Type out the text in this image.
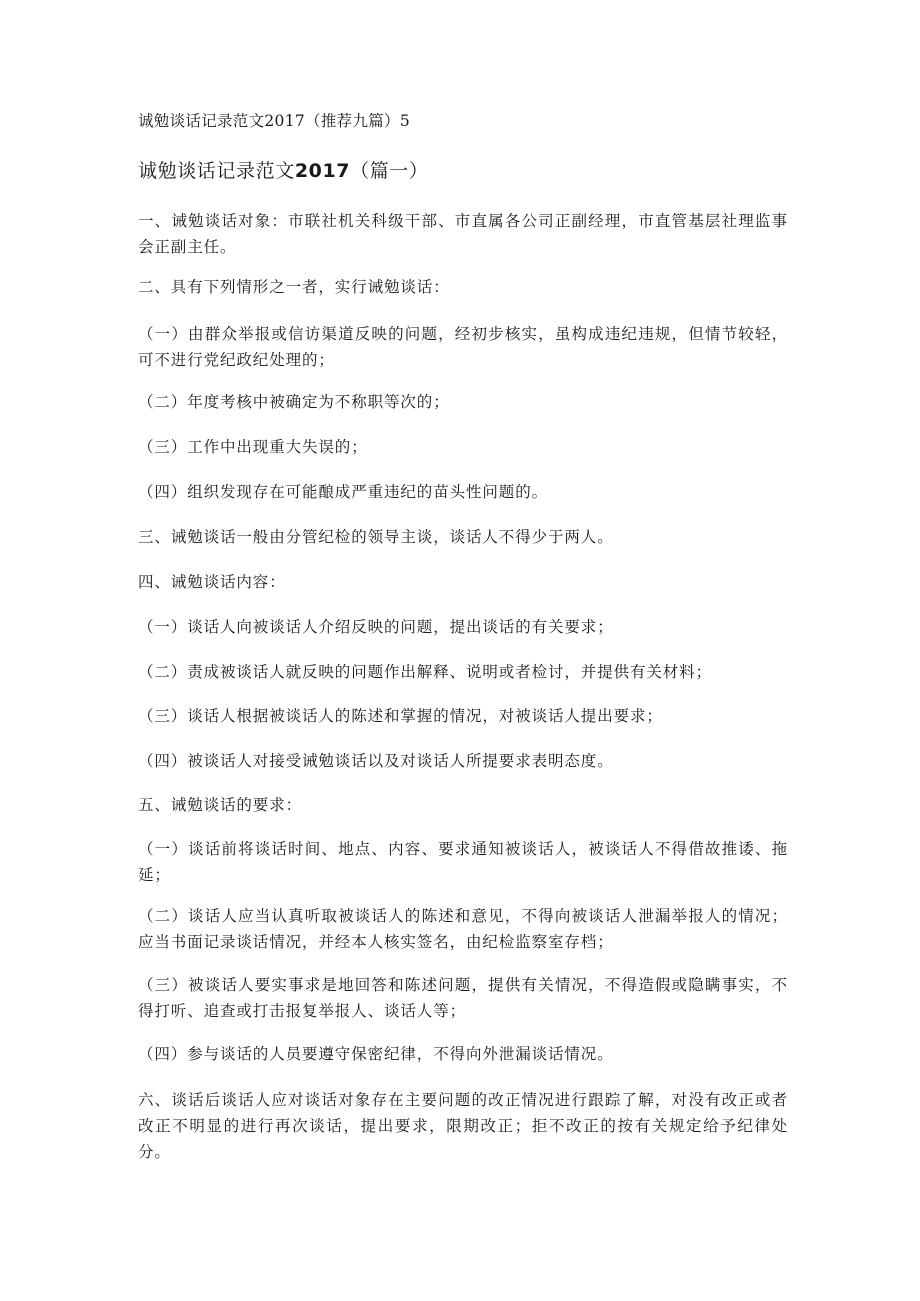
诚勉谈话记录范文2017（推荐九篇）5
诚勉谈话记录范文2017（篇一）
一、诫勉谈话对象：市联社机关科级干部、市直属各公司正副经理，市直管基层社理监事会正副主任。
二、具有下列情形之一者，实行诫勉谈话：
（一）由群众举报或信访渠道反映的问题，经初步核实，虽构成违纪违规，但情节较轻，可不进行党纪政纪处理的；
（二）年度考核中被确定为不称职等次的；
（三）工作中出现重大失误的；
（四）组织发现存在可能酿成严重违纪的苗头性问题的。
三、诫勉谈话一般由分管纪检的领导主谈，谈话人不得少于两人。
四、诫勉谈话内容：
（一）谈话人向被谈话人介绍反映的问题，提出谈话的有关要求；
（二）责成被谈话人就反映的问题作出解释、说明或者检讨，并提供有关材料；
（三）谈话人根据被谈话人的陈述和掌握的情况，对被谈话人提出要求；
（四）被谈话人对接受诫勉谈话以及对谈话人所提要求表明态度。
五、诫勉谈话的要求：
（一）谈话前将谈话时间、地点、内容、要求通知被谈话人，被谈话人不得借故推诿、拖延；
（二）谈话人应当认真听取被谈话人的陈述和意见，不得向被谈话人泄漏举报人的情况；应当书面记录谈话情况，并经本人核实签名，由纪检监察室存档；
（三）被谈话人要实事求是地回答和陈述问题，提供有关情况，不得造假或隐瞒事实，不得打听、追查或打击报复举报人、谈话人等；
（四）参与谈话的人员要遵守保密纪律，不得向外泄漏谈话情况。
六、谈话后谈话人应对谈话对象存在主要问题的改正情况进行跟踪了解，对没有改正或者改正不明显的进行再次谈话，提出要求，限期改正；拒不改正的按有关规定给予纪律处分。
